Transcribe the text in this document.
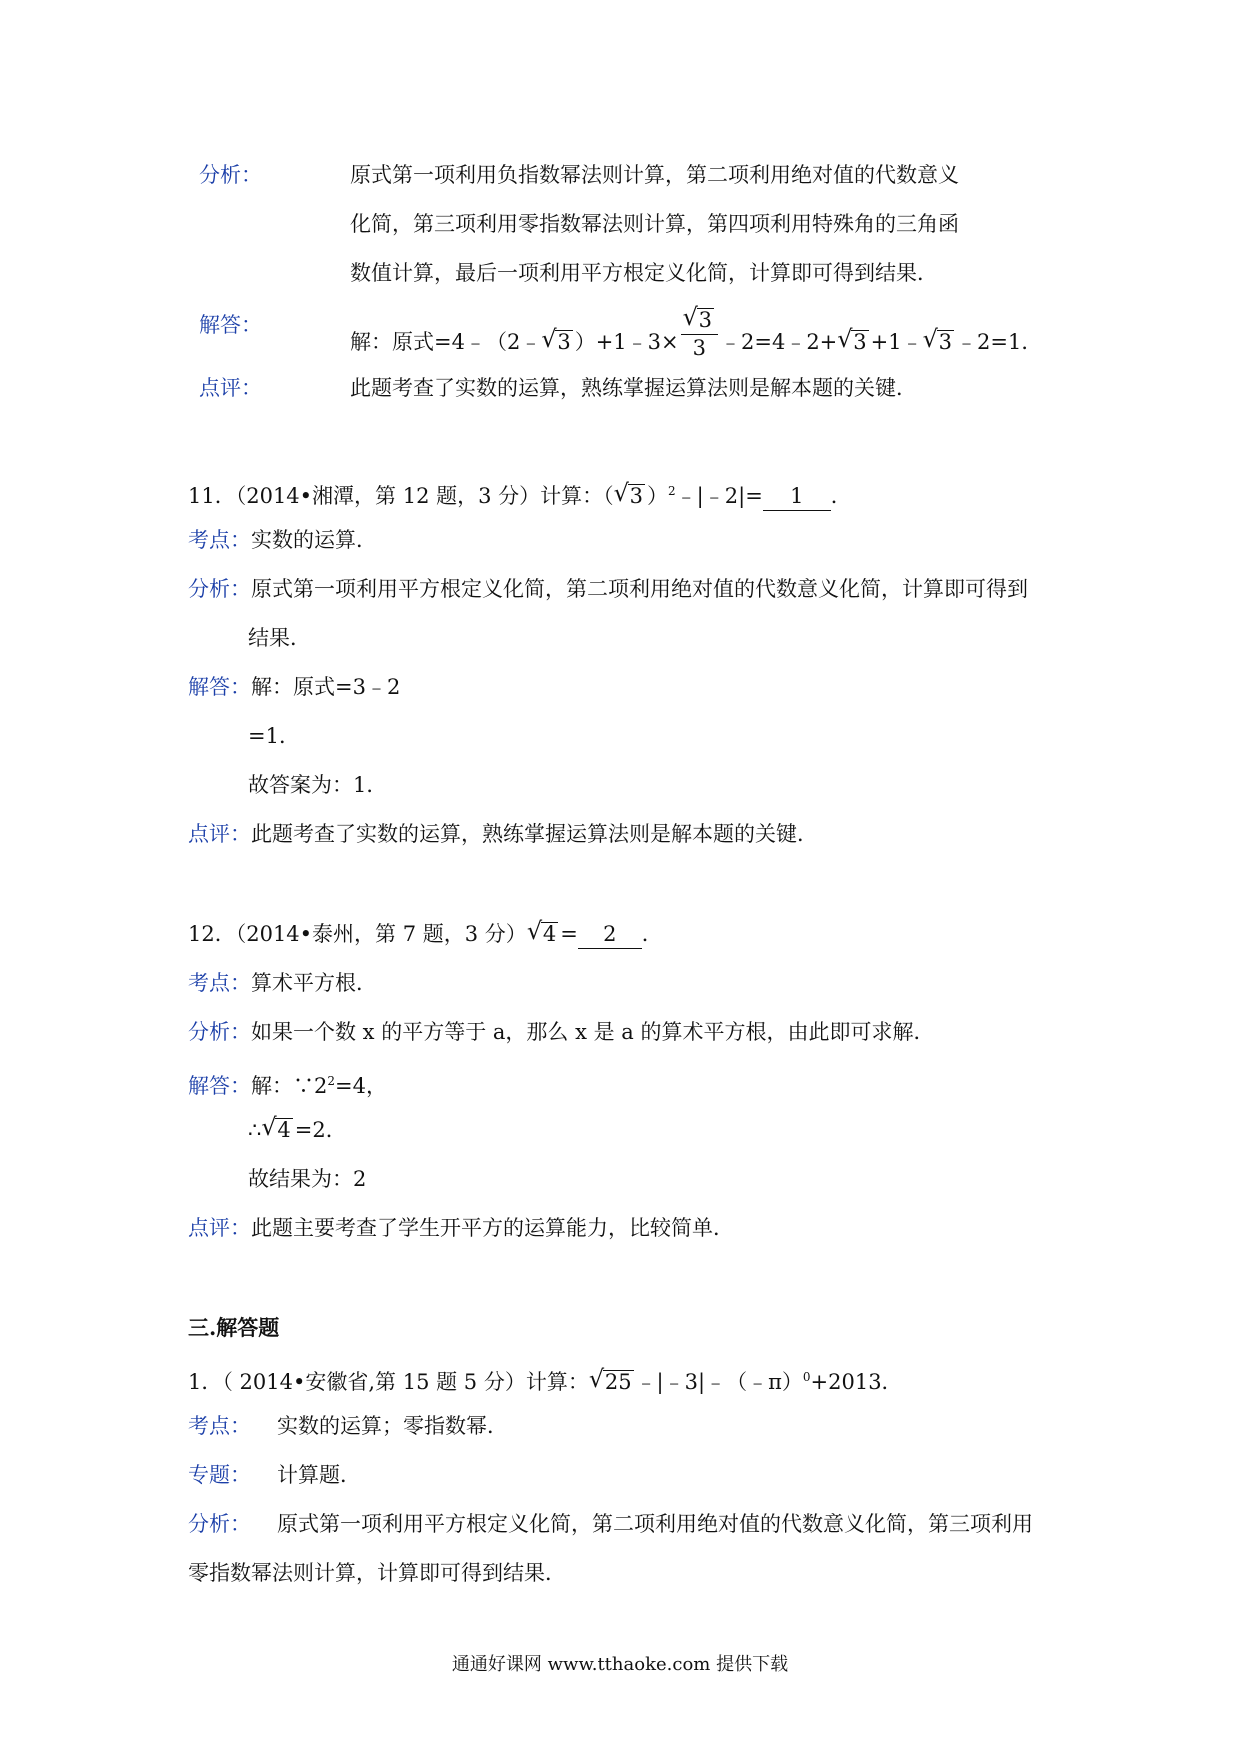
分析：	原式第一项利用负指数幂法则计算，第二项利用绝对值的代数意义
化简，第三项利用零指数幂法则计算，第四项利用特殊角的三角函
数值计算，最后一项利用平方根定义化简，计算即可得到结果．
解答：
解：原式=4﹣（2﹣ √ 3 ）+1﹣3× √ $\frac{3}{3}$ ﹣2=4﹣2+ √ 3 +1﹣ √ 3 ﹣2=1．
点评：	此题考查了实数的运算，熟练掌握运算法则是解本题的关键．
11．（2014•湘潭，第 12 题，3 分）计算：（ √ 3 ）$^2$﹣|﹣2|= 1 ．
考点：实数的运算．
分析：原式第一项利用平方根定义化简，第二项利用绝对值的代数意义化简，计算即可得到
结果．
解答：解：原式=3﹣2
=1．
故答案为：1．
点评：此题考查了实数的运算，熟练掌握运算法则是解本题的关键．
12．（2014•泰州，第 7 题，3 分） √ 4 = 2 ．
考点：算术平方根．
分析：如果一个数 x 的平方等于 a，那么 x 是 a 的算术平方根，由此即可求解．
解答：解：$\because 2^2=4$，
∴ √ 4 =2．
故结果为：2
点评：此题主要考查了学生开平方的运算能力，比较简单．
三.解答题
1．（ 2014•安徽省,第 15 题 5 分）计算： √ 25 ﹣|﹣3|﹣（﹣π）$^0$+2013．
考点： 实数的运算；零指数幂．
专题： 计算题．
分析： 原式第一项利用平方根定义化简，第二项利用绝对值的代数意义化简，第三项利用
零指数幂法则计算，计算即可得到结果．
通通好课网 www.tthaoke.com 提供下载
